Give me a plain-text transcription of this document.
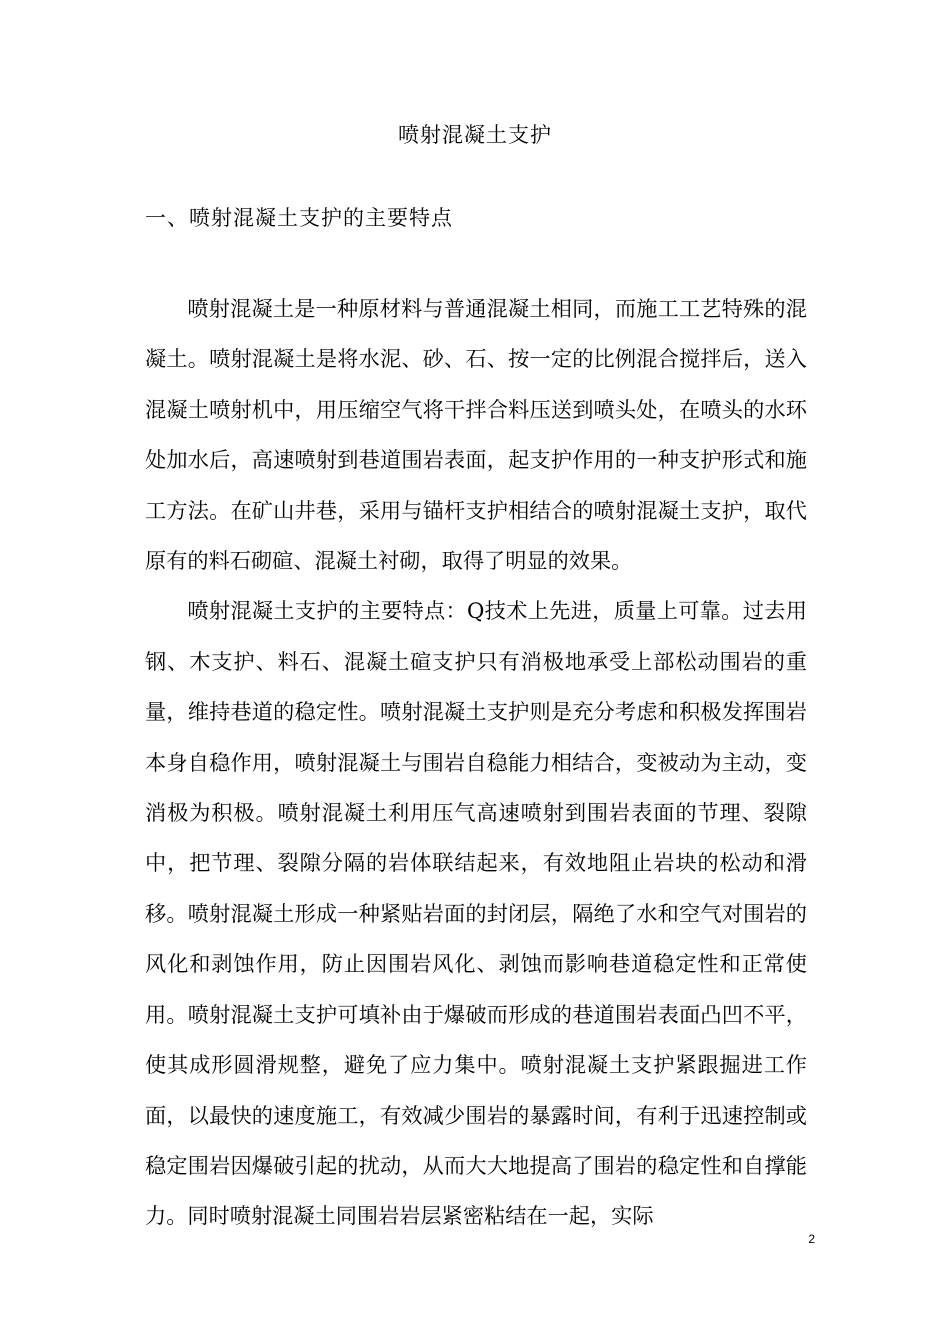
喷射混凝土支护
一、喷射混凝土支护的主要特点

喷射混凝土是一种原材料与普通混凝土相同，而施工工艺特殊的混凝土。喷射混凝土是将水泥、砂、石、按一定的比例混合搅拌后，送入混凝土喷射机中，用压缩空气将干拌合料压送到喷头处，在喷头的水环处加水后，高速喷射到巷道围岩表面，起支护作用的一种支护形式和施工方法。在矿山井巷，采用与锚杆支护相结合的喷射混凝土支护，取代原有的料石砌碹、混凝土衬砌，取得了明显的效果。

喷射混凝土支护的主要特点：Q技术上先进，质量上可靠。过去用钢、木支护、料石、混凝土碹支护只有消极地承受上部松动围岩的重量，维持巷道的稳定性。喷射混凝土支护则是充分考虑和积极发挥围岩本身自稳作用，喷射混凝土与围岩自稳能力相结合，变被动为主动，变消极为积极。喷射混凝土利用压气高速喷射到围岩表面的节理、裂隙中，把节理、裂隙分隔的岩体联结起来，有效地阻止岩块的松动和滑移。喷射混凝土形成一种紧贴岩面的封闭层，隔绝了水和空气对围岩的风化和剥蚀作用，防止因围岩风化、剥蚀而影响巷道稳定性和正常使用。喷射混凝土支护可填补由于爆破而形成的巷道围岩表面凸凹不平，使其成形圆滑规整，避免了应力集中。喷射混凝土支护紧跟掘进工作面，以最快的速度施工，有效减少围岩的暴露时间，有利于迅速控制或稳定围岩因爆破引起的扰动，从而大大地提高了围岩的稳定性和自撑能力。同时喷射混凝土同围岩岩层紧密粘结在一起，实际

2
